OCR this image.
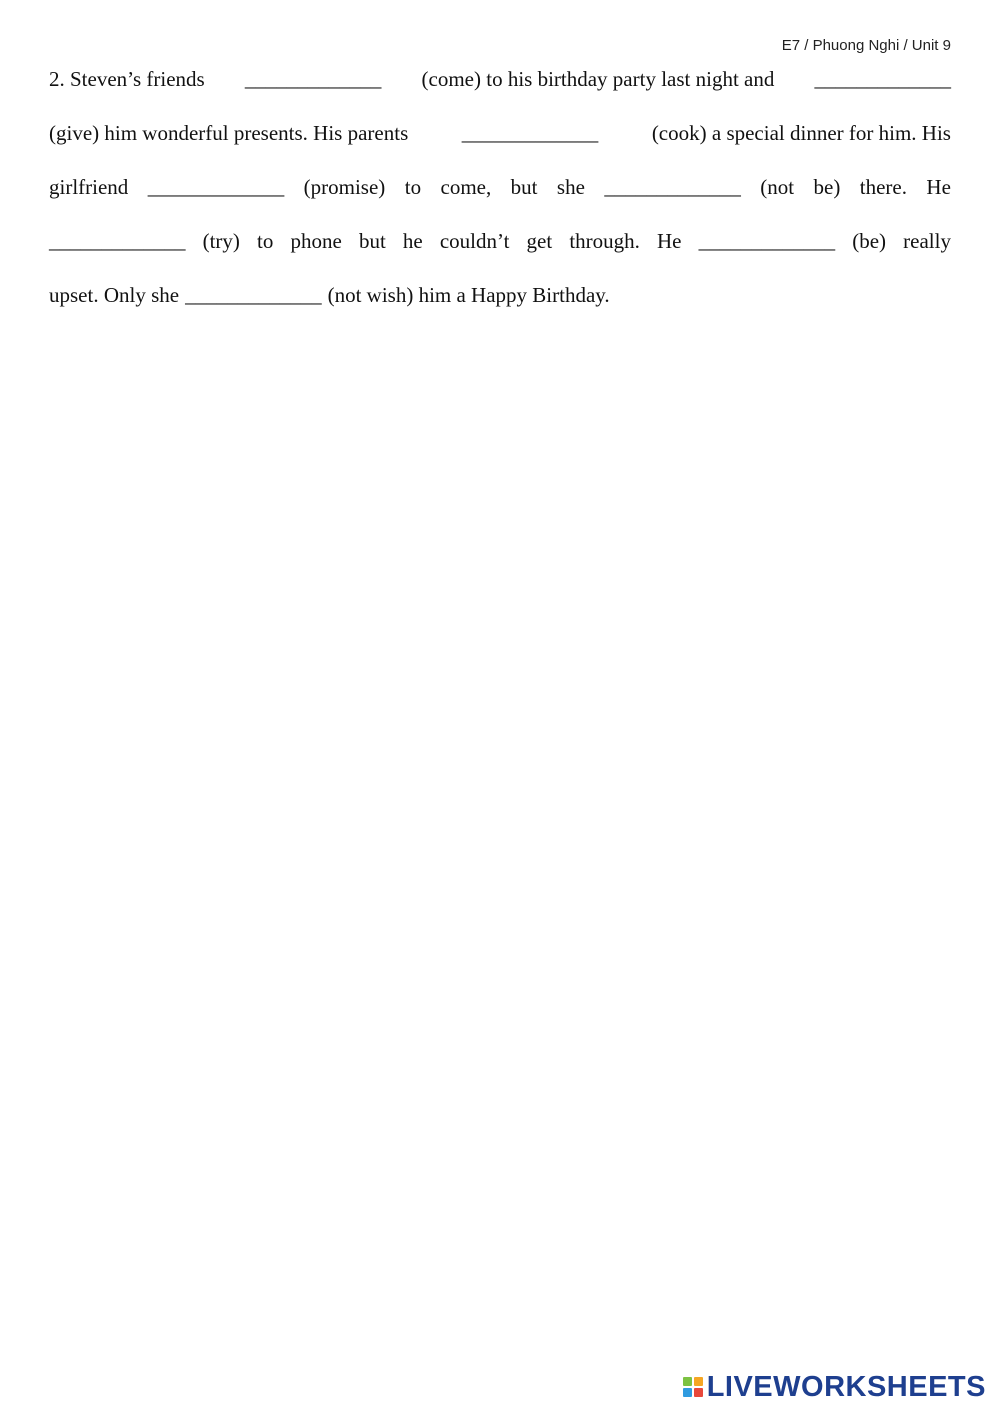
E7 / Phuong Nghi / Unit 9
2. Steven’s friends _____________ (come) to his birthday party last night and _____________
(give) him wonderful presents. His parents	_____________	(cook) a special dinner for him. His
girlfriend _____________ (promise) to come, but she _____________ (not be) there. He
_____________ (try) to phone but he couldn’t get through. He _____________ (be) really
upset. Only she _____________ (not wish) him a Happy Birthday.
LIVEWORKSHEETS
